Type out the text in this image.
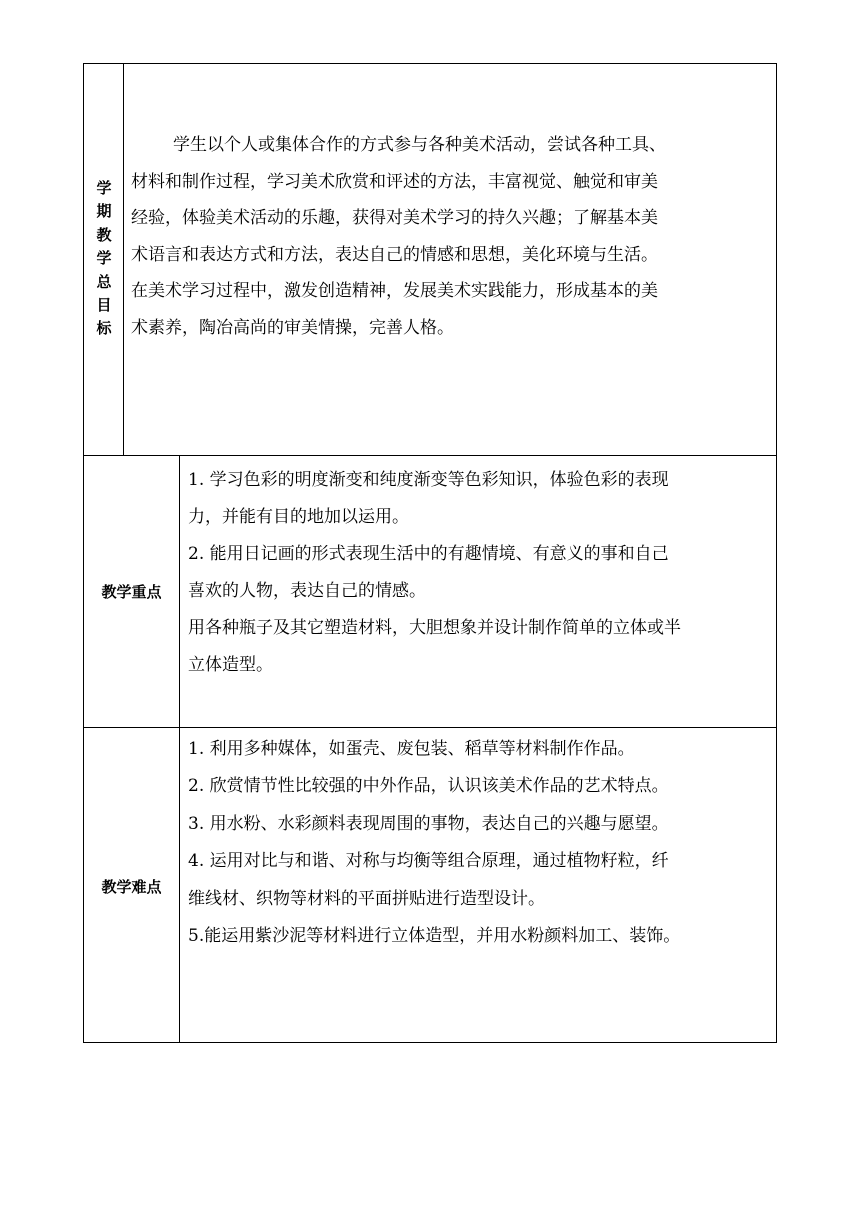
学
期
教
学
总
目
标
学生以个人或集体合作的方式参与各种美术活动，尝试各种工具、
材料和制作过程，学习美术欣赏和评述的方法，丰富视觉、触觉和审美
经验，体验美术活动的乐趣，获得对美术学习的持久兴趣；了解基本美
术语言和表达方式和方法，表达自己的情感和思想，美化环境与生活。
在美术学习过程中，激发创造精神，发展美术实践能力，形成基本的美
术素养，陶冶高尚的审美情操，完善人格。
教学重点
1. 学习色彩的明度渐变和纯度渐变等色彩知识，体验色彩的表现
力，并能有目的地加以运用。
2. 能用日记画的形式表现生活中的有趣情境、有意义的事和自己
喜欢的人物，表达自己的情感。
用各种瓶子及其它塑造材料，大胆想象并设计制作简单的立体或半
立体造型。
教学难点
1. 利用多种媒体，如蛋壳、废包装、稻草等材料制作作品。
2. 欣赏情节性比较强的中外作品，认识该美术作品的艺术特点。
3. 用水粉、水彩颜料表现周围的事物，表达自己的兴趣与愿望。
4. 运用对比与和谐、对称与均衡等组合原理，通过植物籽粒，纤
维线材、织物等材料的平面拼贴进行造型设计。
5.能运用紫沙泥等材料进行立体造型，并用水粉颜料加工、装饰。
